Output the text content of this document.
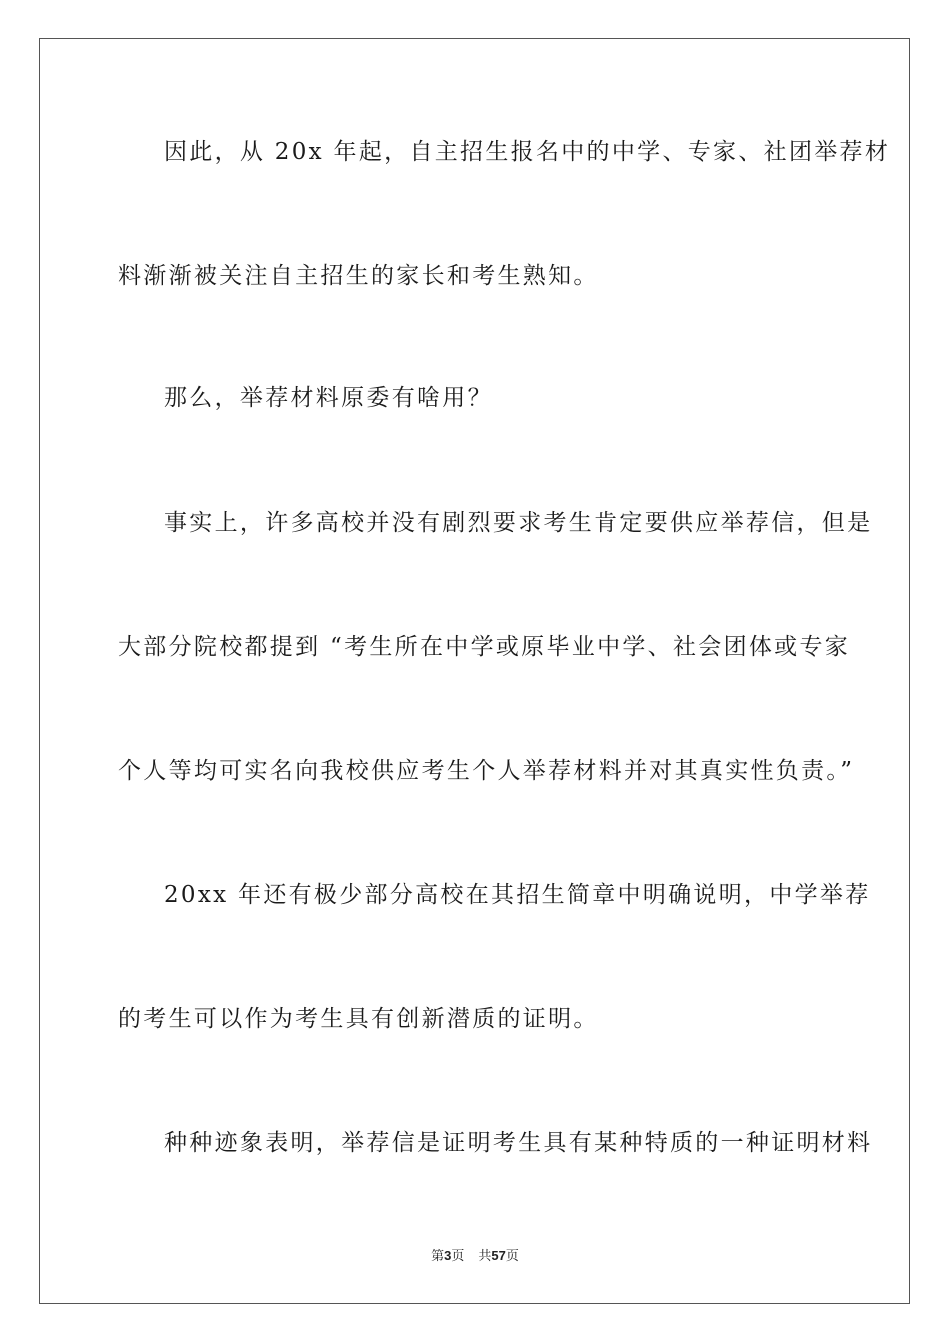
因此，从 20x 年起，自主招生报名中的中学、专家、社团举荐材
料渐渐被关注自主招生的家长和考生熟知。
那么，举荐材料原委有啥用？
事实上，许多高校并没有剧烈要求考生肯定要供应举荐信，但是
大部分院校都提到 “考生所在中学或原毕业中学、社会团体或专家
个人等均可实名向我校供应考生个人举荐材料并对其真实性负责。”
20xx 年还有极少部分高校在其招生简章中明确说明，中学举荐
的考生可以作为考生具有创新潜质的证明。
种种迹象表明，举荐信是证明考生具有某种特质的一种证明材料
第3页 共57页
